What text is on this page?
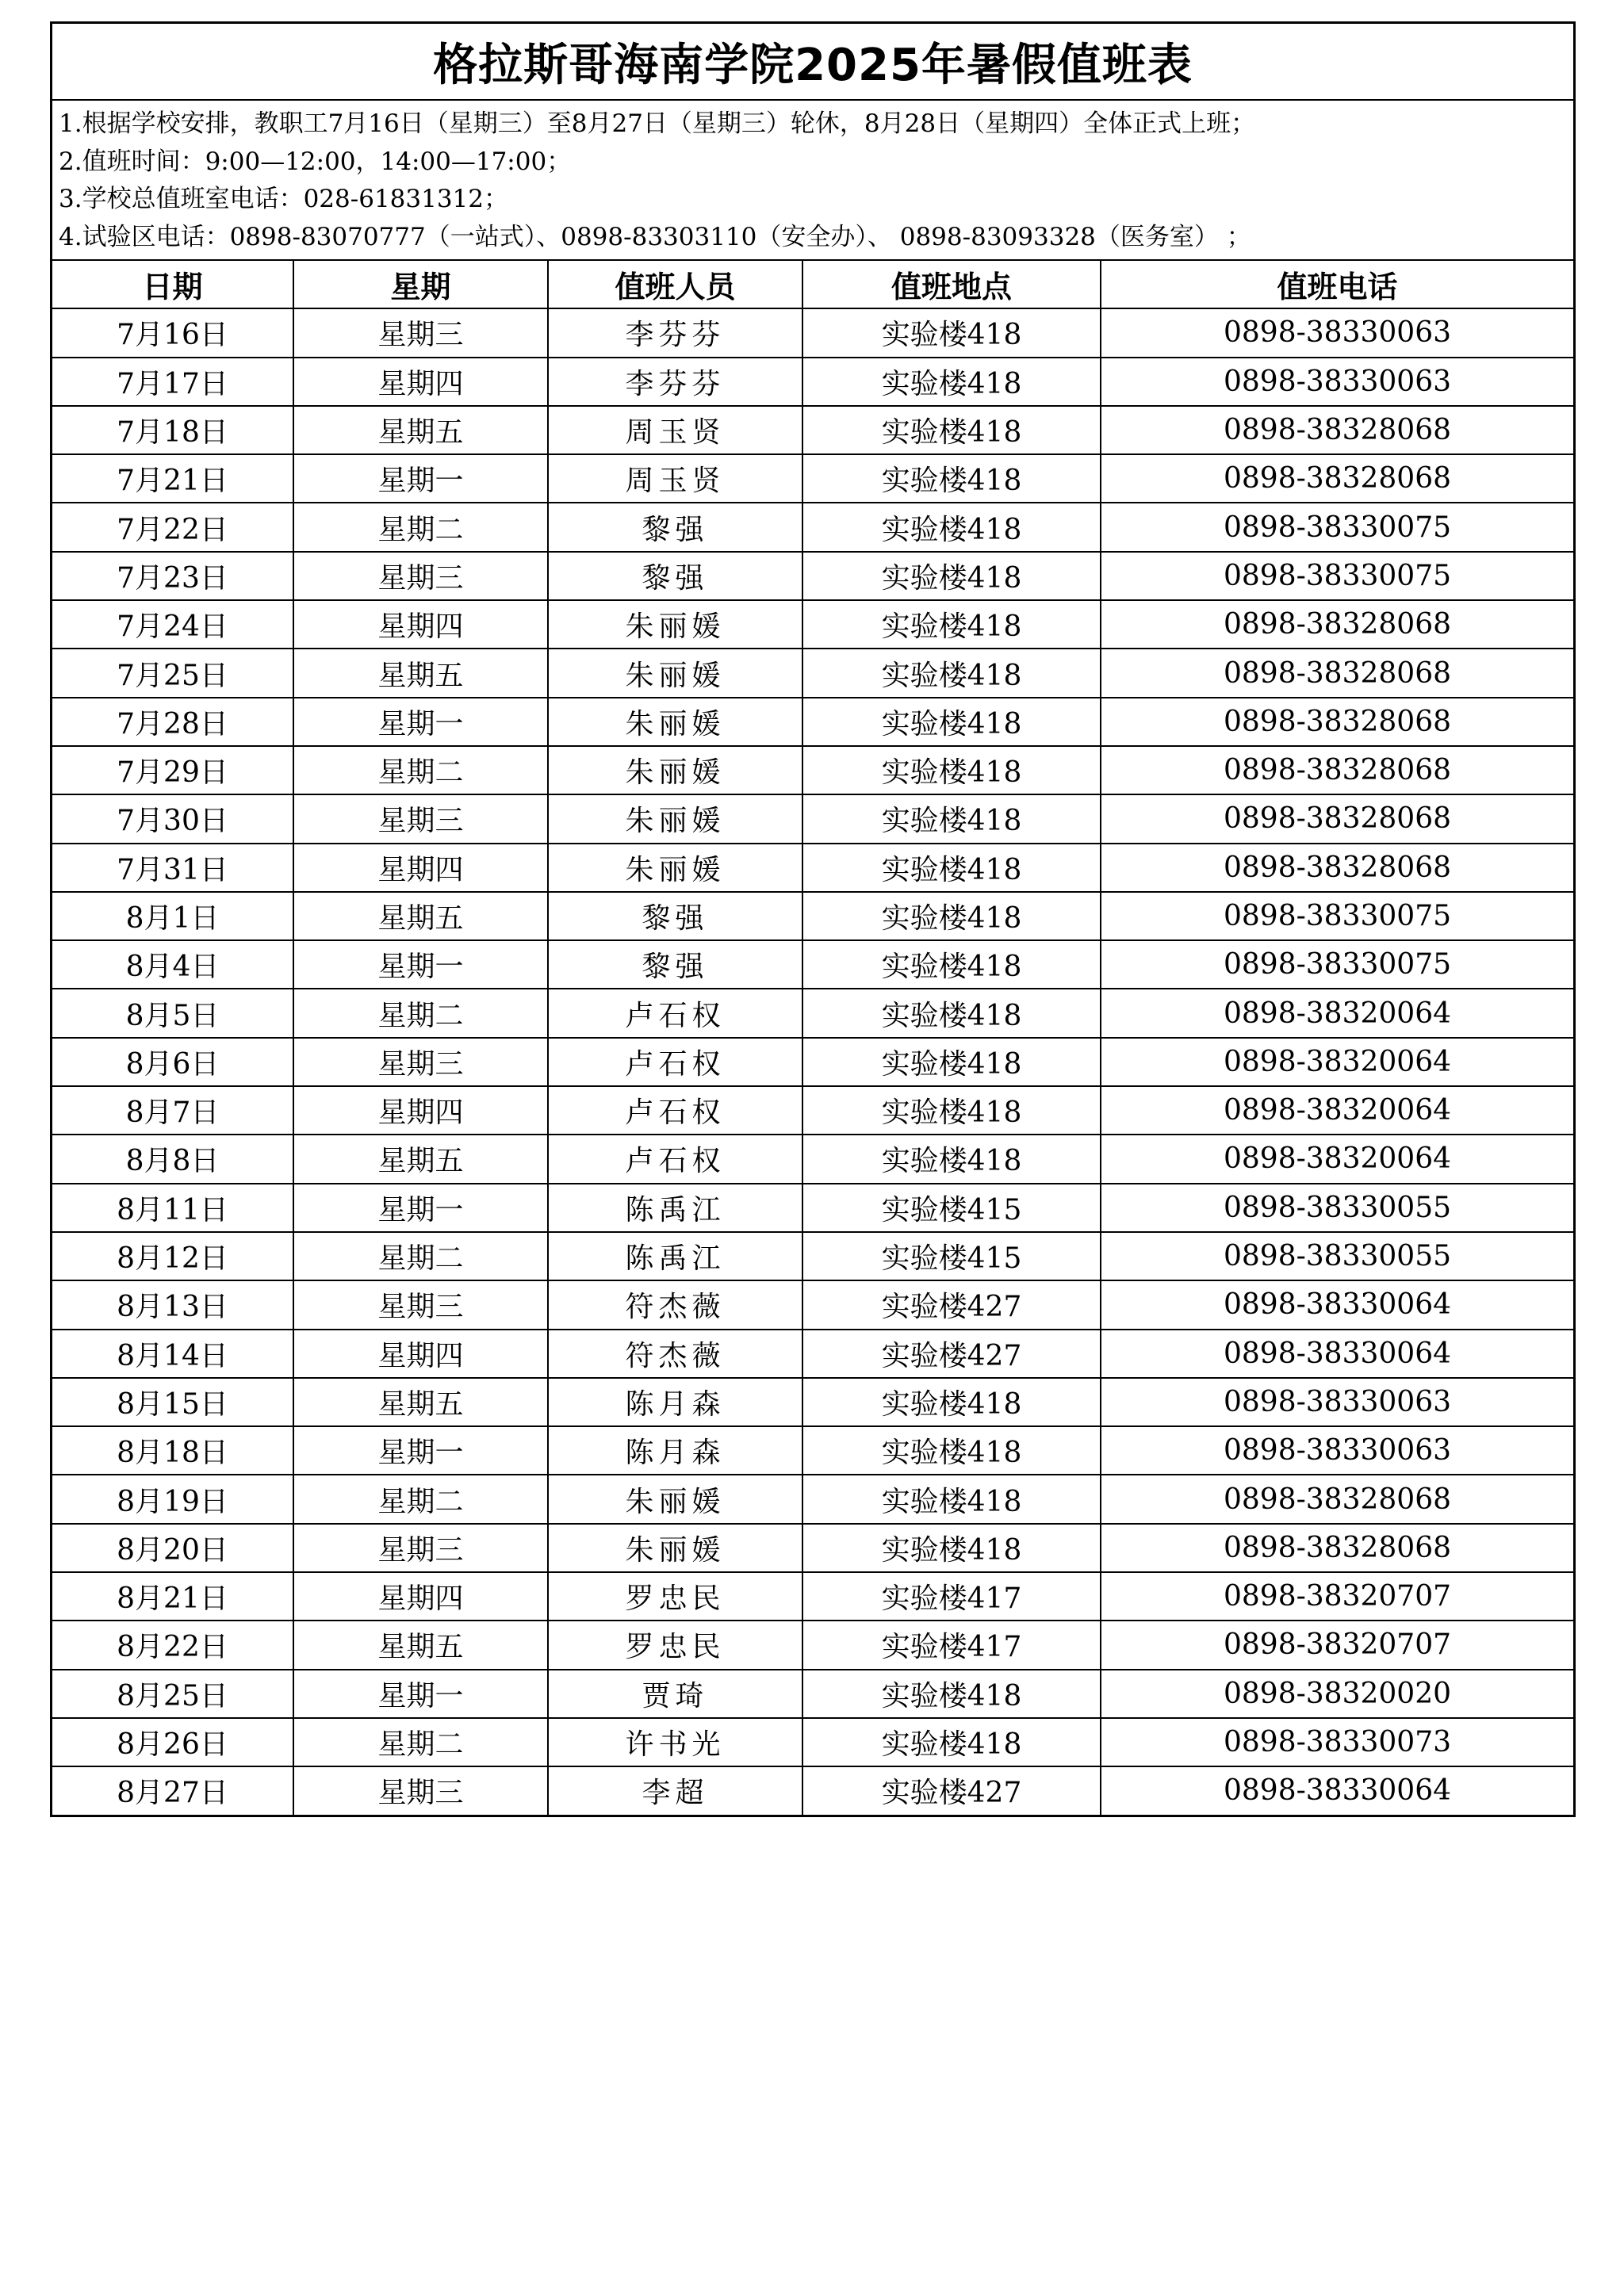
格拉斯哥海南学院2025年暑假值班表
1.根据学校安排，教职工7月16日（星期三）至8月27日（星期三）轮休，8月28日（星期四）全体正式上班；
2.值班时间：9:00—12:00，14:00—17:00；
3.学校总值班室电话：028-61831312；
4.试验区电话：0898-83070777（一站式）、0898-83303110（安全办）、 0898-83093328（医务室） ；
日期	星期	值班人员	值班地点	值班电话
7月16日	星期三	李芬芬	实验楼418	0898-38330063
7月17日	星期四	李芬芬	实验楼418	0898-38330063
7月18日	星期五	周玉贤	实验楼418	0898-38328068
7月21日	星期一	周玉贤	实验楼418	0898-38328068
7月22日	星期二	黎强	实验楼418	0898-38330075
7月23日	星期三	黎强	实验楼418	0898-38330075
7月24日	星期四	朱丽媛	实验楼418	0898-38328068
7月25日	星期五	朱丽媛	实验楼418	0898-38328068
7月28日	星期一	朱丽媛	实验楼418	0898-38328068
7月29日	星期二	朱丽媛	实验楼418	0898-38328068
7月30日	星期三	朱丽媛	实验楼418	0898-38328068
7月31日	星期四	朱丽媛	实验楼418	0898-38328068
8月1日	星期五	黎强	实验楼418	0898-38330075
8月4日	星期一	黎强	实验楼418	0898-38330075
8月5日	星期二	卢石权	实验楼418	0898-38320064
8月6日	星期三	卢石权	实验楼418	0898-38320064
8月7日	星期四	卢石权	实验楼418	0898-38320064
8月8日	星期五	卢石权	实验楼418	0898-38320064
8月11日	星期一	陈禹江	实验楼415	0898-38330055
8月12日	星期二	陈禹江	实验楼415	0898-38330055
8月13日	星期三	符杰薇	实验楼427	0898-38330064
8月14日	星期四	符杰薇	实验楼427	0898-38330064
8月15日	星期五	陈月森	实验楼418	0898-38330063
8月18日	星期一	陈月森	实验楼418	0898-38330063
8月19日	星期二	朱丽媛	实验楼418	0898-38328068
8月20日	星期三	朱丽媛	实验楼418	0898-38328068
8月21日	星期四	罗忠民	实验楼417	0898-38320707
8月22日	星期五	罗忠民	实验楼417	0898-38320707
8月25日	星期一	贾琦	实验楼418	0898-38320020
8月26日	星期二	许书光	实验楼418	0898-38330073
8月27日	星期三	李超	实验楼427	0898-38330064
